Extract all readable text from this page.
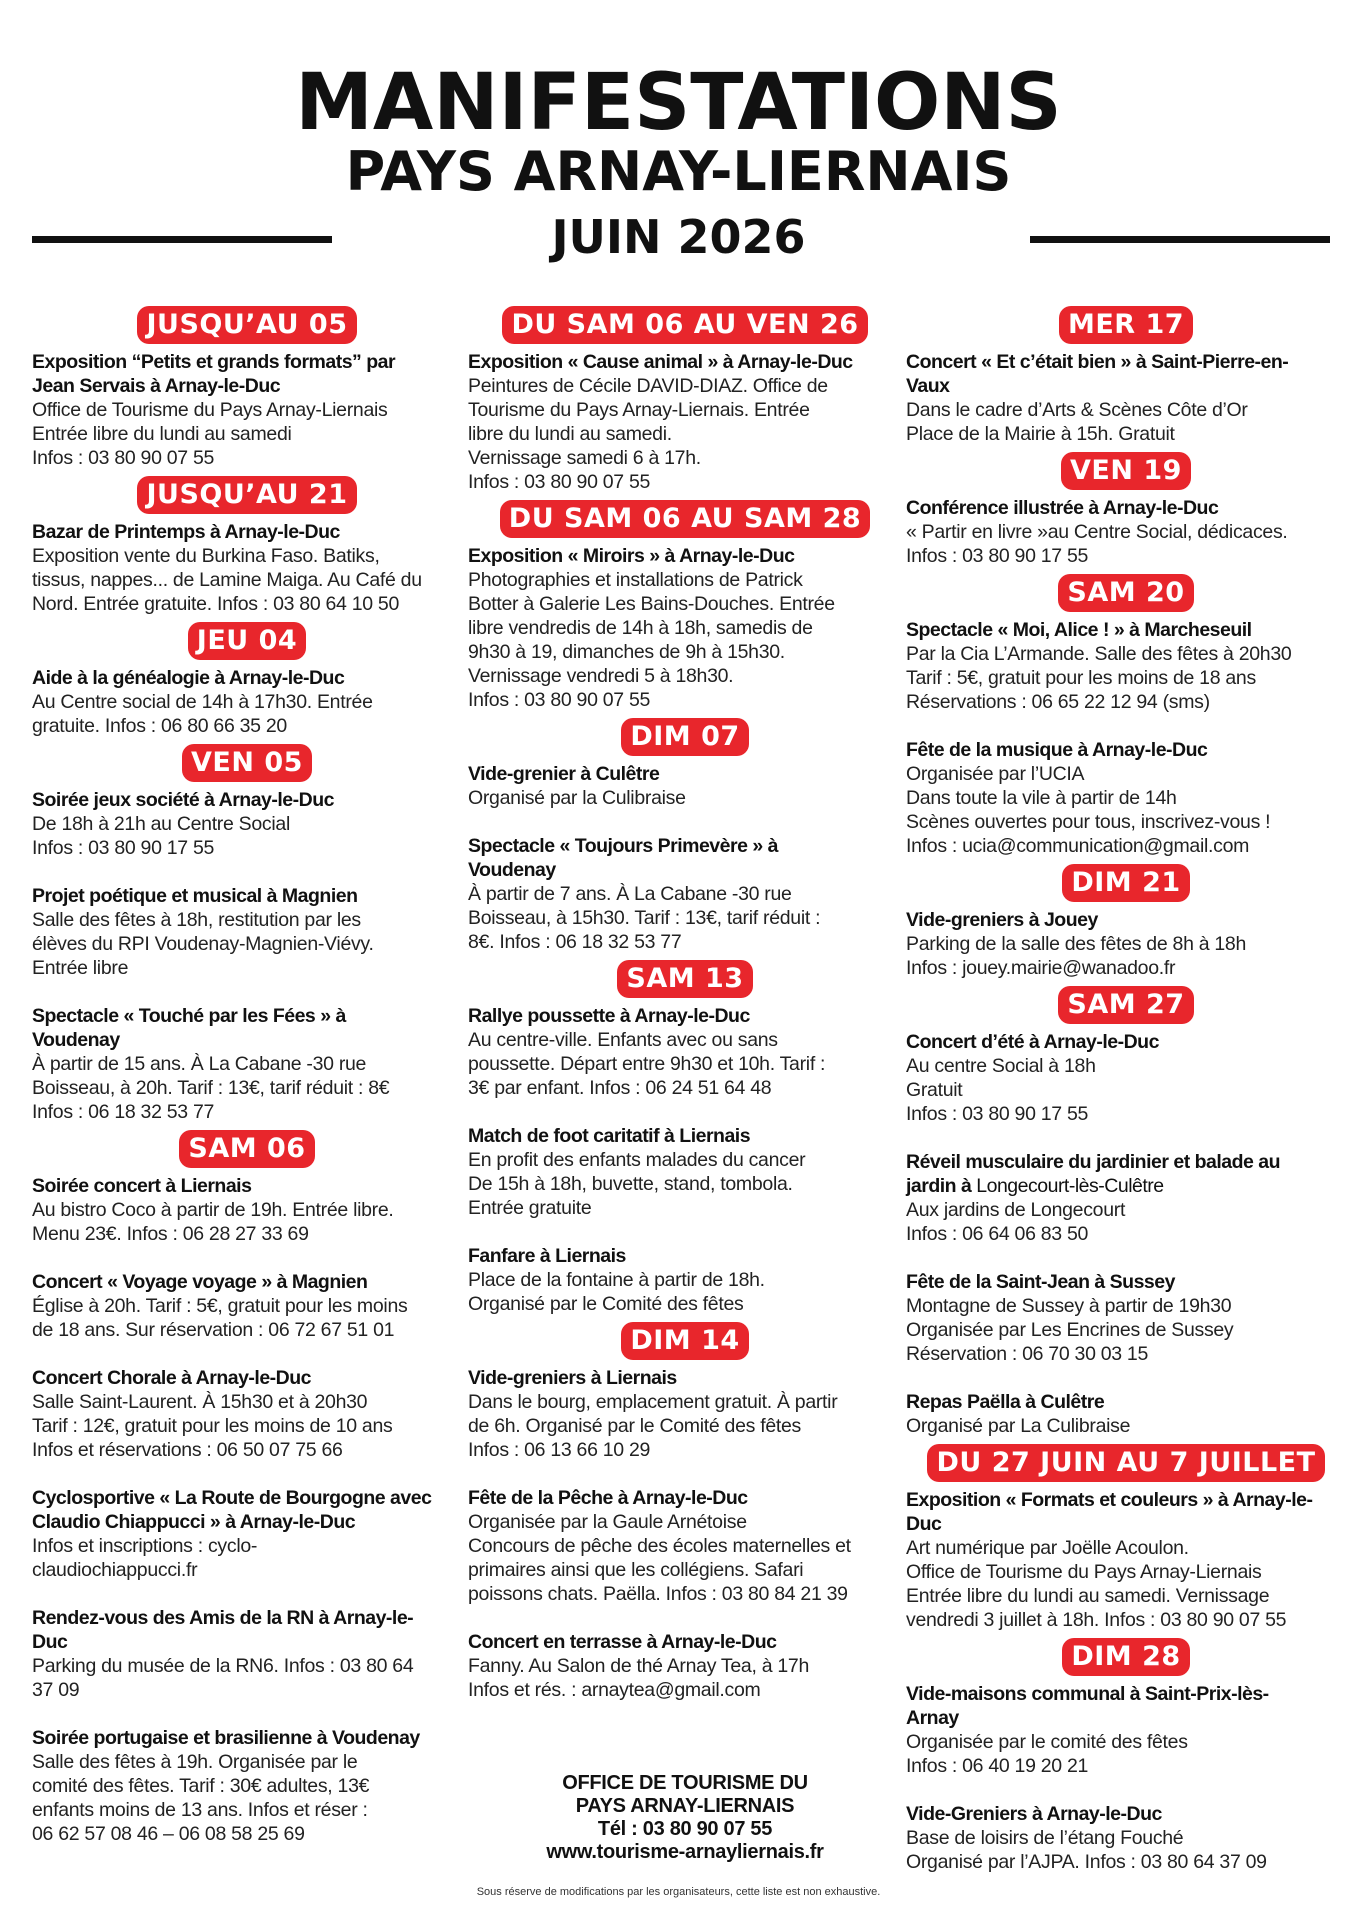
MANIFESTATIONS
PAYS ARNAY-LIERNAIS
JUIN 2026
JUSQU’AU 05
Exposition “Petits et grands formats” par
Jean Servais à Arnay-le-Duc
Office de Tourisme du Pays Arnay-Liernais
Entrée libre du lundi au samedi
Infos : 03 80 90 07 55
JUSQU’AU 21
Bazar de Printemps à Arnay-le-Duc
Exposition vente du Burkina Faso. Batiks,
tissus, nappes... de Lamine Maiga. Au Café du
Nord. Entrée gratuite. Infos : 03 80 64 10 50
JEU 04
Aide à la généalogie à Arnay-le-Duc
Au Centre social de 14h à 17h30. Entrée
gratuite. Infos : 06 80 66 35 20
VEN 05
Soirée jeux société à Arnay-le-Duc
De 18h à 21h au Centre Social
Infos : 03 80 90 17 55
Projet poétique et musical à Magnien
Salle des fêtes à 18h, restitution par les
élèves du RPI Voudenay-Magnien-Viévy.
Entrée libre
Spectacle « Touché par les Fées » à
Voudenay
À partir de 15 ans. À La Cabane -30 rue
Boisseau, à 20h. Tarif : 13€, tarif réduit : 8€
Infos : 06 18 32 53 77
SAM 06
Soirée concert à Liernais
Au bistro Coco à partir de 19h. Entrée libre.
Menu 23€. Infos : 06 28 27 33 69
Concert « Voyage voyage » à Magnien
Église à 20h. Tarif : 5€, gratuit pour les moins
de 18 ans. Sur réservation : 06 72 67 51 01
Concert Chorale à Arnay-le-Duc
Salle Saint-Laurent. À 15h30 et à 20h30
Tarif : 12€, gratuit pour les moins de 10 ans
Infos et réservations : 06 50 07 75 66
Cyclosportive « La Route de Bourgogne avec
Claudio Chiappucci » à Arnay-le-Duc
Infos et inscriptions : cyclo-
claudiochiappucci.fr
Rendez-vous des Amis de la RN à Arnay-le-
Duc
Parking du musée de la RN6. Infos : 03 80 64
37 09
Soirée portugaise et brasilienne à Voudenay
Salle des fêtes à 19h. Organisée par le
comité des fêtes. Tarif : 30€ adultes, 13€
enfants moins de 13 ans. Infos et réser :
06 62 57 08 46 – 06 08 58 25 69
DU SAM 06 AU VEN 26
Exposition « Cause animal » à Arnay-le-Duc
Peintures de Cécile DAVID-DIAZ. Office de
Tourisme du Pays Arnay-Liernais. Entrée
libre du lundi au samedi.
Vernissage samedi 6 à 17h.
Infos : 03 80 90 07 55
DU SAM 06 AU SAM 28
Exposition « Miroirs » à Arnay-le-Duc
Photographies et installations de Patrick
Botter à Galerie Les Bains-Douches. Entrée
libre vendredis de 14h à 18h, samedis de
9h30 à 19, dimanches de 9h à 15h30.
Vernissage vendredi 5 à 18h30.
Infos : 03 80 90 07 55
DIM 07
Vide-grenier à Culêtre
Organisé par la Culibraise
Spectacle « Toujours Primevère » à
Voudenay
À partir de 7 ans. À La Cabane -30 rue
Boisseau, à 15h30. Tarif : 13€, tarif réduit :
8€. Infos : 06 18 32 53 77
SAM 13
Rallye poussette à Arnay-le-Duc
Au centre-ville. Enfants avec ou sans
poussette. Départ entre 9h30 et 10h. Tarif :
3€ par enfant. Infos : 06 24 51 64 48
Match de foot caritatif à Liernais
En profit des enfants malades du cancer
De 15h à 18h, buvette, stand, tombola.
Entrée gratuite
Fanfare à Liernais
Place de la fontaine à partir de 18h.
Organisé par le Comité des fêtes
DIM 14
Vide-greniers à Liernais
Dans le bourg, emplacement gratuit. À partir
de 6h. Organisé par le Comité des fêtes
Infos : 06 13 66 10 29
Fête de la Pêche à Arnay-le-Duc
Organisée par la Gaule Arnétoise
Concours de pêche des écoles maternelles et
primaires ainsi que les collégiens. Safari
poissons chats. Paëlla. Infos : 03 80 84 21 39
Concert en terrasse à Arnay-le-Duc
Fanny. Au Salon de thé Arnay Tea, à 17h
Infos et rés. : arnaytea@gmail.com
MER 17
Concert « Et c’était bien » à Saint-Pierre-en-
Vaux
Dans le cadre d’Arts & Scènes Côte d’Or
Place de la Mairie à 15h. Gratuit
VEN 19
Conférence illustrée à Arnay-le-Duc
« Partir en livre »au Centre Social, dédicaces.
Infos : 03 80 90 17 55
SAM 20
Spectacle « Moi, Alice ! » à Marcheseuil
Par la Cia L’Armande. Salle des fêtes à 20h30
Tarif : 5€, gratuit pour les moins de 18 ans
Réservations : 06 65 22 12 94 (sms)
Fête de la musique à Arnay-le-Duc
Organisée par l’UCIA
Dans toute la vile à partir de 14h
Scènes ouvertes pour tous, inscrivez-vous !
Infos : ucia@communication@gmail.com
DIM 21
Vide-greniers à Jouey
Parking de la salle des fêtes de 8h à 18h
Infos : jouey.mairie@wanadoo.fr
SAM 27
Concert d’été à Arnay-le-Duc
Au centre Social à 18h
Gratuit
Infos : 03 80 90 17 55
Réveil musculaire du jardinier et balade au
jardin à Longecourt-lès-Culêtre
Aux jardins de Longecourt
Infos : 06 64 06 83 50
Fête de la Saint-Jean à Sussey
Montagne de Sussey à partir de 19h30
Organisée par Les Encrines de Sussey
Réservation : 06 70 30 03 15
Repas Paëlla à Culêtre
Organisé par La Culibraise
DU 27 JUIN AU 7 JUILLET
Exposition « Formats et couleurs » à Arnay-le-
Duc
Art numérique par Joëlle Acoulon.
Office de Tourisme du Pays Arnay-Liernais
Entrée libre du lundi au samedi. Vernissage
vendredi 3 juillet à 18h. Infos : 03 80 90 07 55
DIM 28
Vide-maisons communal à Saint-Prix-lès-
Arnay
Organisée par le comité des fêtes
Infos : 06 40 19 20 21
Vide-Greniers à Arnay-le-Duc
Base de loisirs de l’étang Fouché
Organisé par l’AJPA. Infos : 03 80 64 37 09
OFFICE DE TOURISME DU
PAYS ARNAY-LIERNAIS
Tél : 03 80 90 07 55
www.tourisme-arnayliernais.fr
Sous réserve de modifications par les organisateurs, cette liste est non exhaustive.
